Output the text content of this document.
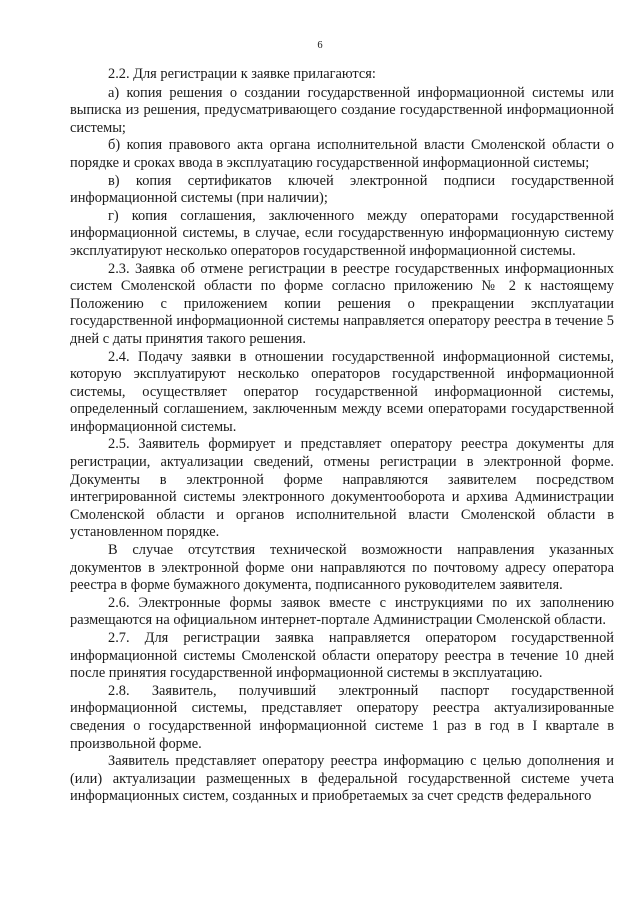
6

2.2. Для регистрации к заявке прилагаются:

а) копия решения о создании государственной информационной системы или выписка из решения, предусматривающего создание государственной информационной системы;

б) копия правового акта органа исполнительной власти Смоленской области о порядке и сроках ввода в эксплуатацию государственной информационной системы;

в) копия сертификатов ключей электронной подписи государственной информационной системы (при наличии);

г) копия соглашения, заключенного между операторами государственной информационной системы, в случае, если государственную информационную систему эксплуатируют несколько операторов государственной информационной системы.

2.3. Заявка об отмене регистрации в реестре государственных информационных систем Смоленской области по форме согласно приложению № 2 к настоящему Положению с приложением копии решения о прекращении эксплуатации государственной информационной системы направляется оператору реестра в течение 5 дней с даты принятия такого решения.

2.4. Подачу заявки в отношении государственной информационной системы, которую эксплуатируют несколько операторов государственной информационной системы, осуществляет оператор государственной информационной системы, определенный соглашением, заключенным между всеми операторами государственной информационной системы.

2.5. Заявитель формирует и представляет оператору реестра документы для регистрации, актуализации сведений, отмены регистрации в электронной форме. Документы в электронной форме направляются заявителем посредством интегрированной системы электронного документооборота и архива Администрации Смоленской области и органов исполнительной власти Смоленской области в установленном порядке.

В случае отсутствия технической возможности направления указанных документов в электронной форме они направляются по почтовому адресу оператора реестра в форме бумажного документа, подписанного руководителем заявителя.

2.6. Электронные формы заявок вместе с инструкциями по их заполнению размещаются на официальном интернет-портале Администрации Смоленской области.

2.7. Для регистрации заявка направляется оператором государственной информационной системы Смоленской области оператору реестра в течение 10 дней после принятия государственной информационной системы в эксплуатацию.

2.8. Заявитель, получивший электронный паспорт государственной информационной системы, представляет оператору реестра актуализированные сведения о государственной информационной системе 1 раз в год в I квартале в произвольной форме.

Заявитель представляет оператору реестра информацию с целью дополнения и (или) актуализации размещенных в федеральной государственной системе учета информационных систем, созданных и приобретаемых за счет средств федерального
